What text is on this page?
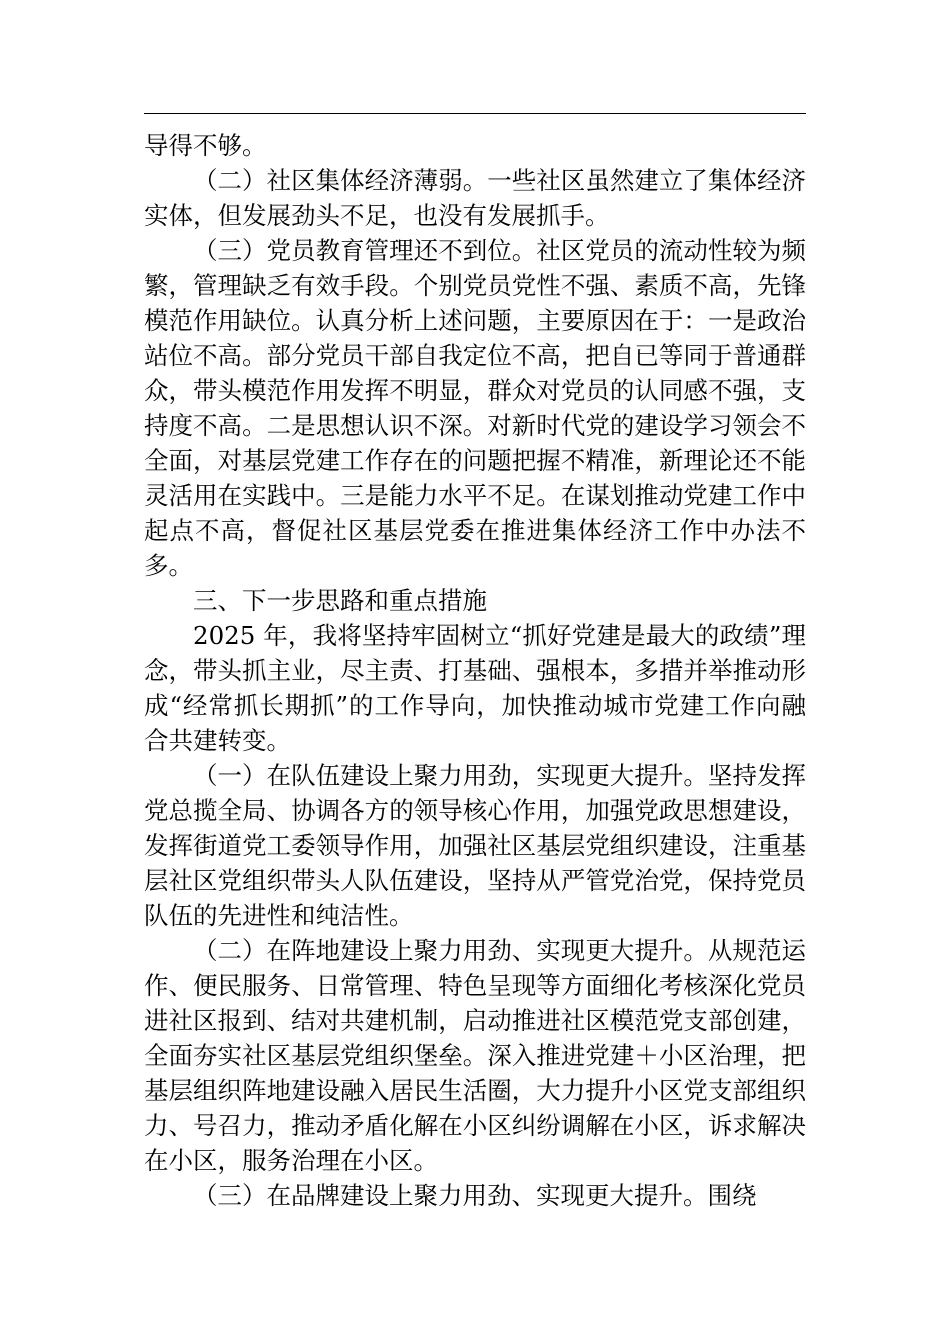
导得不够。

（二）社区集体经济薄弱。一些社区虽然建立了集体经济实体，但发展劲头不足，也没有发展抓手。

（三）党员教育管理还不到位。社区党员的流动性较为频繁，管理缺乏有效手段。个别党员党性不强、素质不高，先锋模范作用缺位。认真分析上述问题，主要原因在于：一是政治站位不高。部分党员干部自我定位不高，把自已等同于普通群众，带头模范作用发挥不明显，群众对党员的认同感不强，支持度不高。二是思想认识不深。对新时代党的建设学习领会不全面，对基层党建工作存在的问题把握不精准，新理论还不能灵活用在实践中。三是能力水平不足。在谋划推动党建工作中起点不高，督促社区基层党委在推进集体经济工作中办法不多。

三、下一步思路和重点措施

2025 年，我将坚持牢固树立“抓好党建是最大的政绩”理念，带头抓主业，尽主责、打基础、强根本，多措并举推动形成“经常抓长期抓”的工作导向，加快推动城市党建工作向融合共建转变。

（一）在队伍建设上聚力用劲，实现更大提升。坚持发挥党总揽全局、协调各方的领导核心作用，加强党政思想建设，发挥街道党工委领导作用，加强社区基层党组织建设，注重基层社区党组织带头人队伍建设，坚持从严管党治党，保持党员队伍的先进性和纯洁性。

（二）在阵地建设上聚力用劲、实现更大提升。从规范运作、便民服务、日常管理、特色呈现等方面细化考核深化党员进社区报到、结对共建机制，启动推进社区模范党支部创建，全面夯实社区基层党组织堡垒。深入推进党建＋小区治理，把基层组织阵地建设融入居民生活圈，大力提升小区党支部组织力、号召力，推动矛盾化解在小区纠纷调解在小区，诉求解决在小区，服务治理在小区。

（三）在品牌建设上聚力用劲、实现更大提升。围绕
